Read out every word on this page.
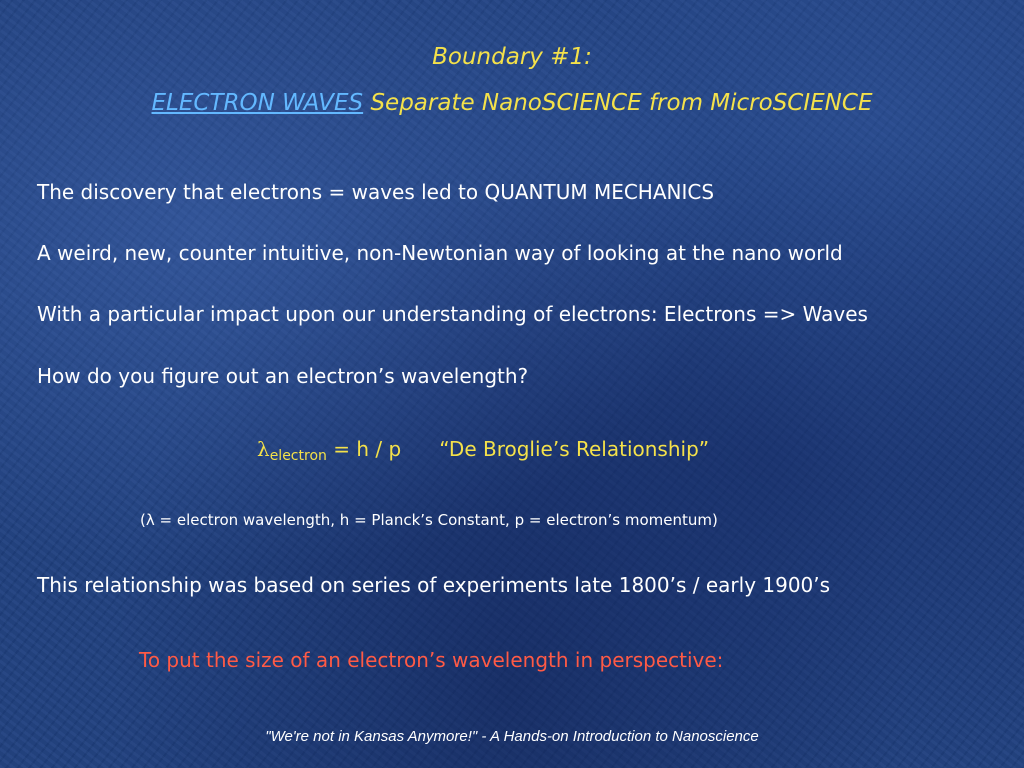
Boundary #1:
ELECTRON WAVES Separate NanoSCIENCE from MicroSCIENCE
The discovery that electrons = waves led to QUANTUM MECHANICS
A weird, new, counter intuitive, non-Newtonian way of looking at the nano world
With a particular impact upon our understanding of electrons: Electrons => Waves
How do you figure out an electron’s wavelength?
$\lambda_{electron} = h / p$ “De Broglie’s Relationship”
(λ = electron wavelength, h = Planck’s Constant, p = electron’s momentum)
This relationship was based on series of experiments late 1800’s / early 1900’s
To put the size of an electron’s wavelength in perspective:
"We're not in Kansas Anymore!" - A Hands-on Introduction to Nanoscience
